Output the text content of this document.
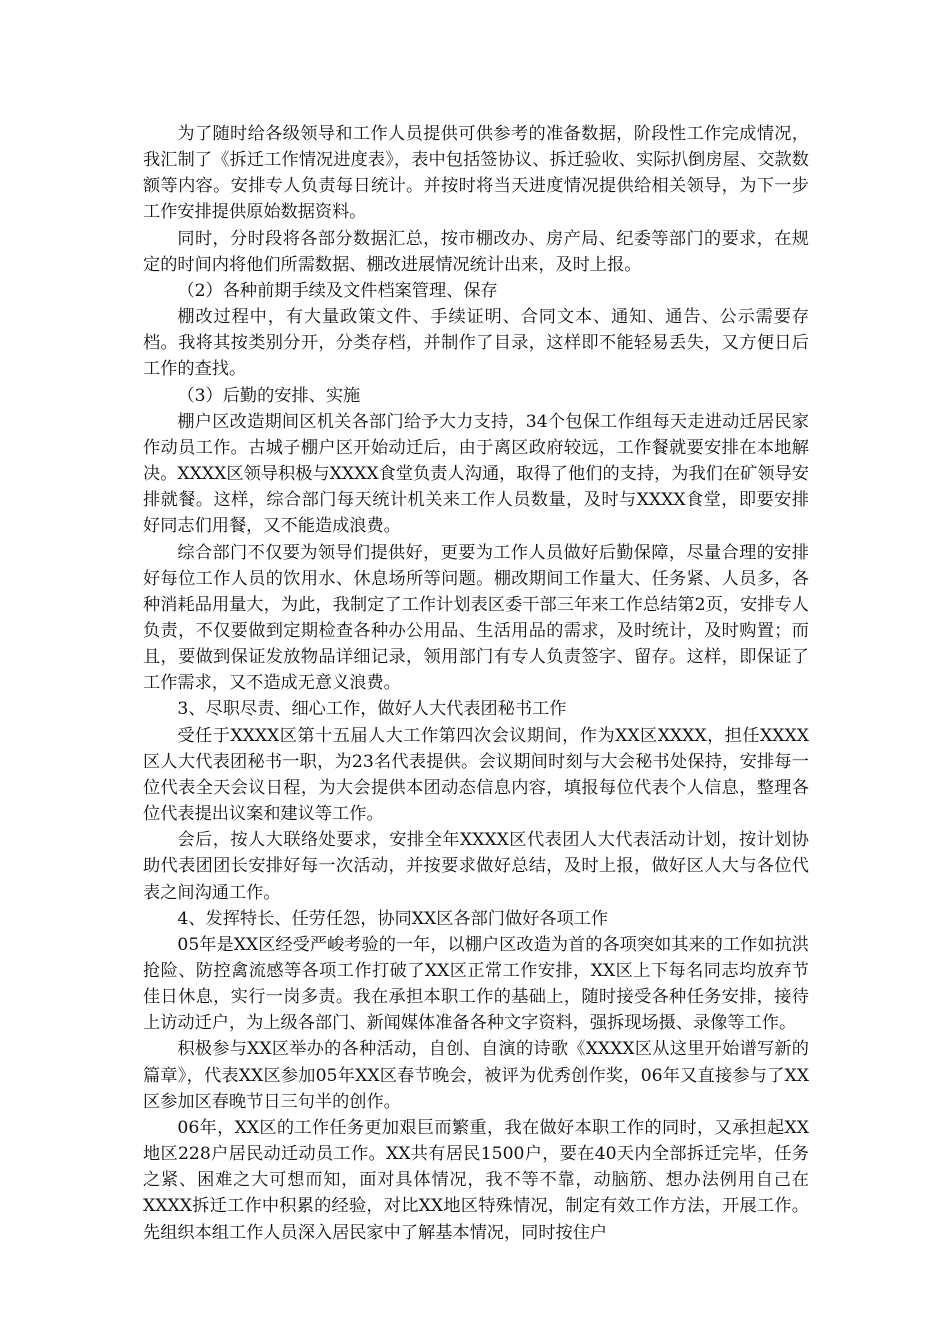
为了随时给各级领导和工作人员提供可供参考的准备数据，阶段性工作完成情况，我汇制了《拆迁工作情况进度表》，表中包括签协议、拆迁验收、实际扒倒房屋、交款数额等内容。安排专人负责每日统计。并按时将当天进度情况提供给相关领导，为下一步工作安排提供原始数据资料。

同时，分时段将各部分数据汇总，按市棚改办、房产局、纪委等部门的要求，在规定的时间内将他们所需数据、棚改进展情况统计出来，及时上报。

（2）各种前期手续及文件档案管理、保存

棚改过程中，有大量政策文件、手续证明、合同文本、通知、通告、公示需要存档。我将其按类别分开，分类存档，并制作了目录，这样即不能轻易丢失，又方便日后工作的查找。

（3）后勤的安排、实施

棚户区改造期间区机关各部门给予大力支持，34个包保工作组每天走进动迁居民家作动员工作。古城子棚户区开始动迁后，由于离区政府较远，工作餐就要安排在本地解决。XXXX区领导积极与XXXX食堂负责人沟通，取得了他们的支持，为我们在矿领导安排就餐。这样，综合部门每天统计机关来工作人员数量，及时与XXXX食堂，即要安排好同志们用餐，又不能造成浪费。

综合部门不仅要为领导们提供好，更要为工作人员做好后勤保障，尽量合理的安排好每位工作人员的饮用水、休息场所等问题。棚改期间工作量大、任务紧、人员多，各种消耗品用量大，为此，我制定了工作计划表区委干部三年来工作总结第2页，安排专人负责，不仅要做到定期检查各种办公用品、生活用品的需求，及时统计，及时购置；而且，要做到保证发放物品详细记录，领用部门有专人负责签字、留存。这样，即保证了工作需求，又不造成无意义浪费。

3、尽职尽责、细心工作，做好人大代表团秘书工作

受任于XXXX区第十五届人大工作第四次会议期间，作为XX区XXXX，担任XXXX区人大代表团秘书一职，为23名代表提供。会议期间时刻与大会秘书处保持，安排每一位代表全天会议日程，为大会提供本团动态信息内容，填报每位代表个人信息，整理各位代表提出议案和建议等工作。

会后，按人大联络处要求，安排全年XXXX区代表团人大代表活动计划，按计划协助代表团团长安排好每一次活动，并按要求做好总结，及时上报，做好区人大与各位代表之间沟通工作。

4、发挥特长、任劳任怨，协同XX区各部门做好各项工作

05年是XX区经受严峻考验的一年，以棚户区改造为首的各项突如其来的工作如抗洪抢险、防控禽流感等各项工作打破了XX区正常工作安排，XX区上下每名同志均放弃节佳日休息，实行一岗多责。我在承担本职工作的基础上，随时接受各种任务安排，接待上访动迁户，为上级各部门、新闻媒体准备各种文字资料，强拆现场摄、录像等工作。

积极参与XX区举办的各种活动，自创、自演的诗歌《XXXX区从这里开始谱写新的篇章》，代表XX区参加05年XX区春节晚会，被评为优秀创作奖，06年又直接参与了XX区参加区春晚节日三句半的创作。

06年，XX区的工作任务更加艰巨而繁重，我在做好本职工作的同时，又承担起XX地区228户居民动迁动员工作。XX共有居民1500户，要在40天内全部拆迁完毕，任务之紧、困难之大可想而知，面对具体情况，我不等不靠，动脑筋、想办法例用自己在XXXX拆迁工作中积累的经验，对比XX地区特殊情况，制定有效工作方法，开展工作。先组织本组工作人员深入居民家中了解基本情况，同时按住户
